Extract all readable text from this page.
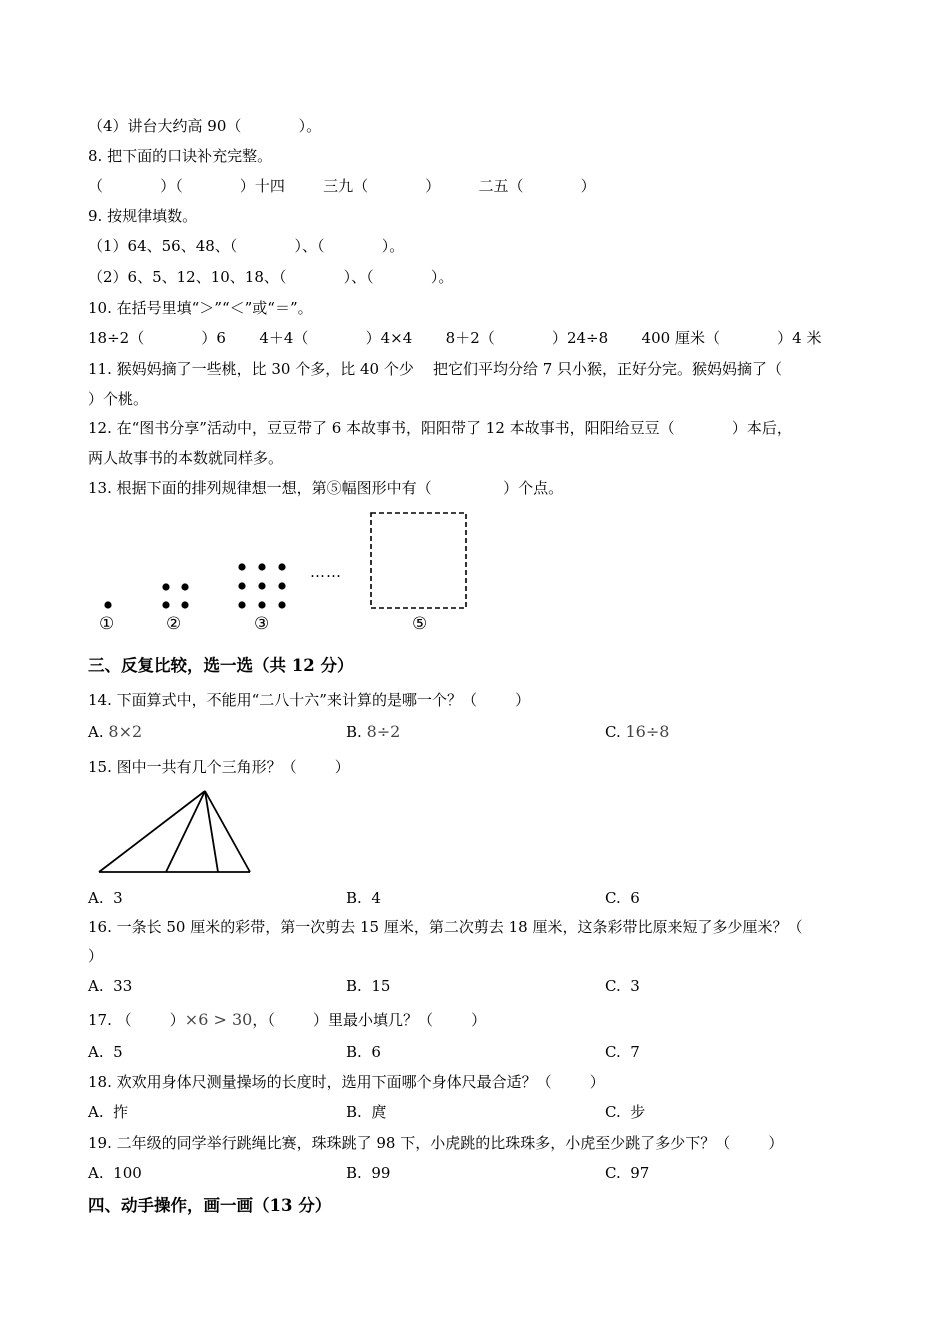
（4）讲台大约高 90（            ）。
8. 把下面的口诀补充完整。
（            ）（            ）十四        三九（            ）        二五（            ）
9. 按规律填数。
（1）64、56、48、（            ）、（            ）。
（2）6、5、12、10、18、（            ）、（            ）。
10. 在括号里填“＞”“＜”或“＝”。
18÷2（            ）6       4＋4（            ）4×4       8＋2（            ）24÷8       400 厘米（            ）4 米
11. 猴妈妈摘了一些桃，比 30 个多，比 40 个少    把它们平均分给 7 只小猴，正好分完。猴妈妈摘了（
）个桃。
12. 在“图书分享”活动中，豆豆带了 6 本故事书，阳阳带了 12 本故事书，阳阳给豆豆（            ）本后，
两人故事书的本数就同样多。
13. 根据下面的排列规律想一想，第⑤幅图形中有（               ）个点。
……
①	②	③	⑤
三、反复比较，选一选（共 12 分）
14. 下面算式中，不能用“二八十六”来计算的是哪一个？（        ）
A. 8×2	B. 8÷2	C. 16÷8
15. 图中一共有几个三角形？（        ）
A. 3	B. 4	C. 6
16. 一条长 50 厘米的彩带，第一次剪去 15 厘米，第二次剪去 18 厘米，这条彩带比原来短了多少厘米？（
）
A. 33	B. 15	C. 3
17. （        ）×6 > 30，（        ）里最小填几？（        ）
A. 5	B. 6	C. 7
18. 欢欢用身体尺测量操场的长度时，选用下面哪个身体尺最合适？（        ）
A. 拃	B. 庹	C. 步
19. 二年级的同学举行跳绳比赛，珠珠跳了 98 下，小虎跳的比珠珠多，小虎至少跳了多少下？（        ）
A. 100	B. 99	C. 97
四、动手操作，画一画（13 分）
